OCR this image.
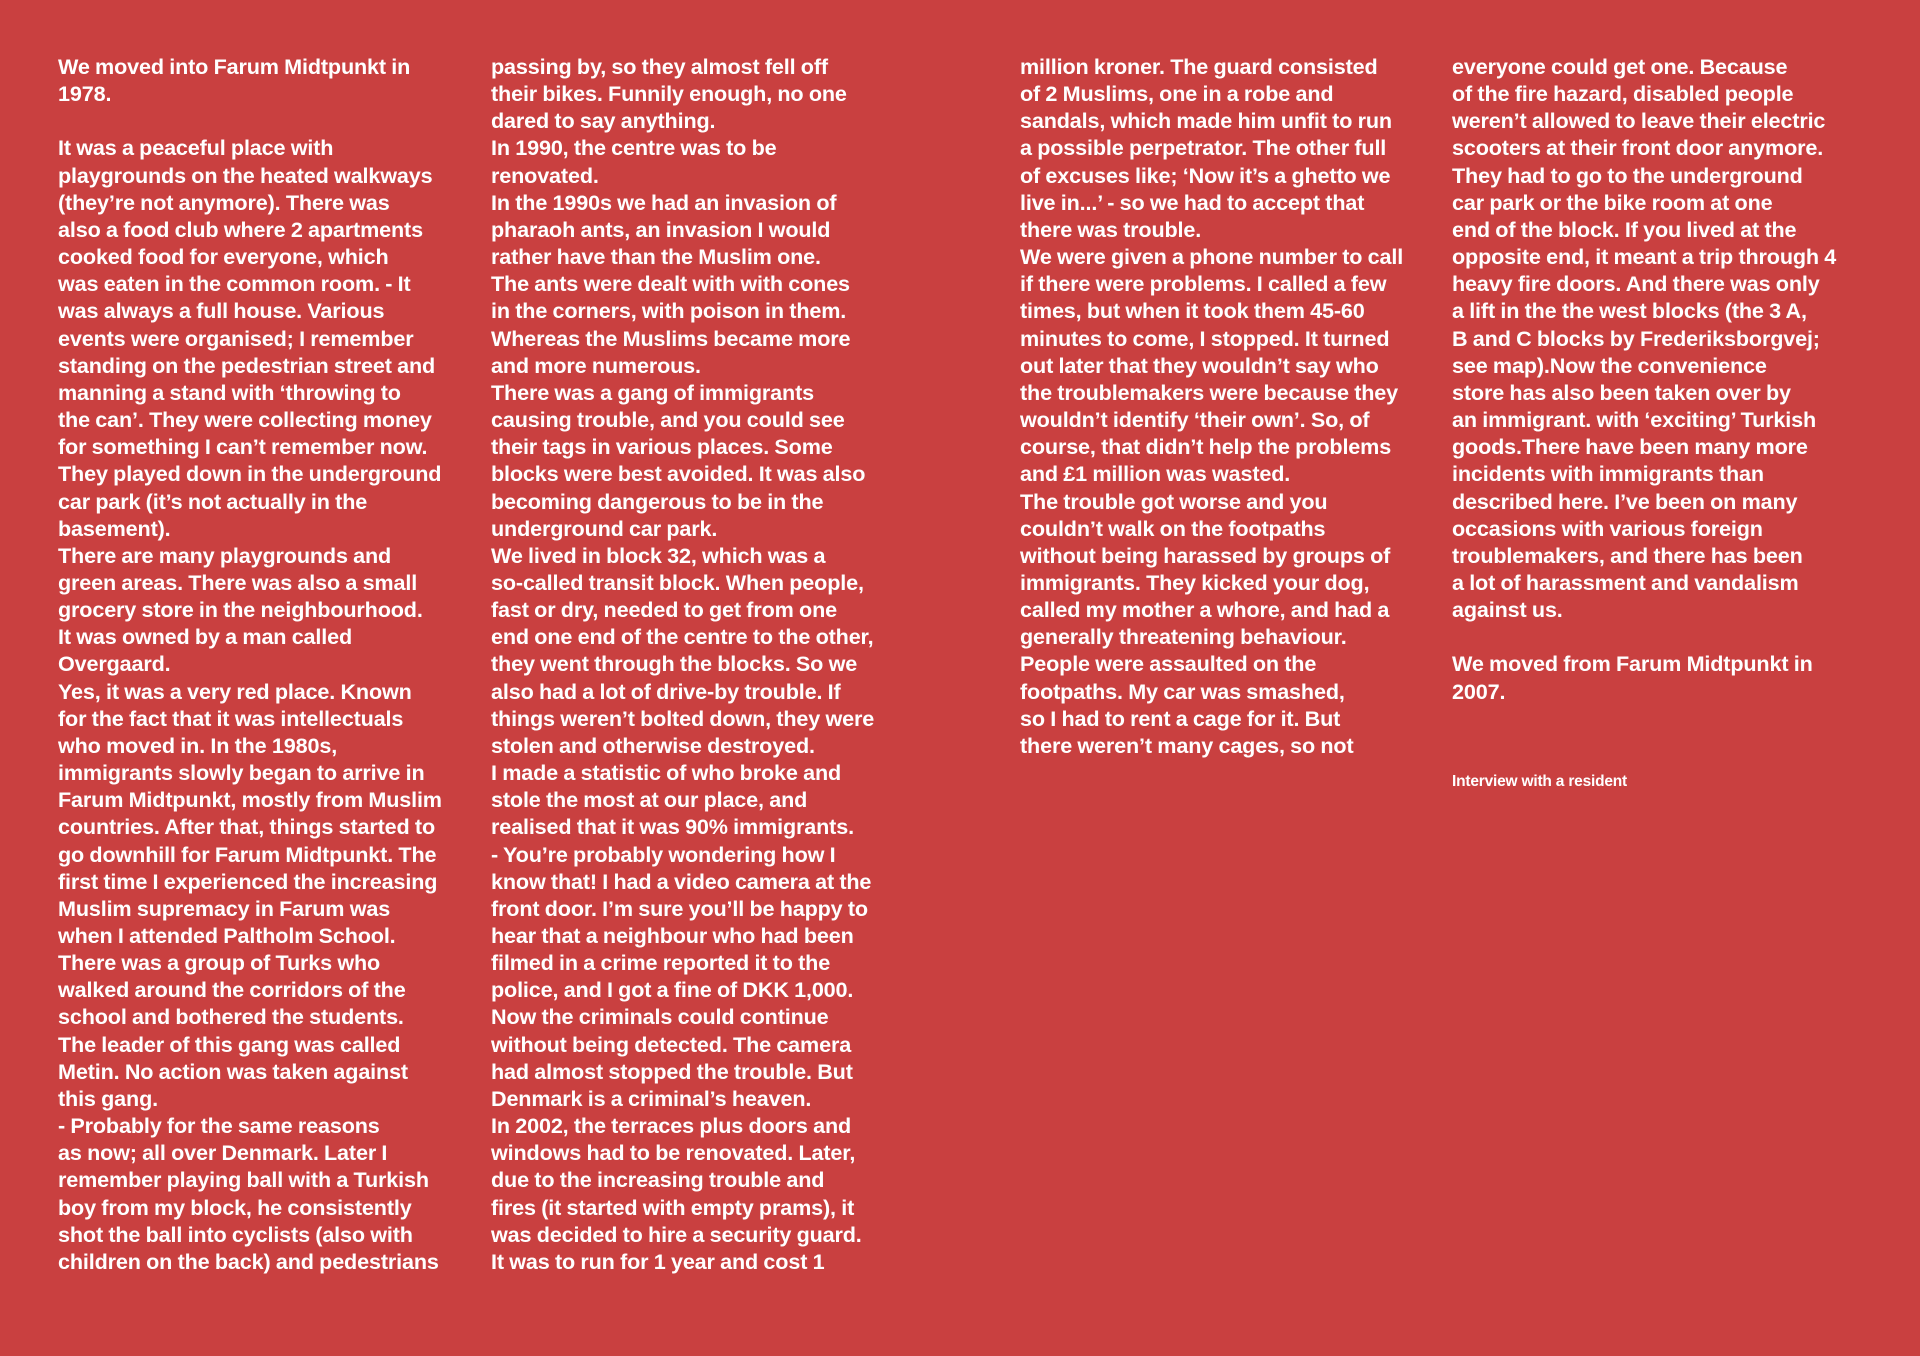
We moved into Farum Midtpunkt in
1978.

It was a peaceful place with
playgrounds on the heated walkways
(they’re not anymore). There was
also a food club where 2 apartments
cooked food for everyone, which
was eaten in the common room. - It
was always a full house. Various
events were organised; I remember
standing on the pedestrian street and
manning a stand with ‘throwing to
the can’. They were collecting money
for something I can’t remember now.
They played down in the underground
car park (it’s not actually in the
basement).
There are many playgrounds and
green areas. There was also a small
grocery store in the neighbourhood.
It was owned by a man called
Overgaard.
Yes, it was a very red place. Known
for the fact that it was intellectuals
who moved in. In the 1980s,
immigrants slowly began to arrive in
Farum Midtpunkt, mostly from Muslim
countries. After that, things started to
go downhill for Farum Midtpunkt. The
first time I experienced the increasing
Muslim supremacy in Farum was
when I attended Paltholm School.
There was a group of Turks who
walked around the corridors of the
school and bothered the students.
The leader of this gang was called
Metin. No action was taken against
this gang.
- Probably for the same reasons
as now; all over Denmark. Later I
remember playing ball with a Turkish
boy from my block, he consistently
shot the ball into cyclists (also with
children on the back) and pedestrians

passing by, so they almost fell off
their bikes. Funnily enough, no one
dared to say anything.
In 1990, the centre was to be
renovated.
In the 1990s we had an invasion of
pharaoh ants, an invasion I would
rather have than the Muslim one.
The ants were dealt with with cones
in the corners, with poison in them.
Whereas the Muslims became more
and more numerous.
There was a gang of immigrants
causing trouble, and you could see
their tags in various places. Some
blocks were best avoided. It was also
becoming dangerous to be in the
underground car park.
We lived in block 32, which was a
so-called transit block. When people,
fast or dry, needed to get from one
end one end of the centre to the other,
they went through the blocks. So we
also had a lot of drive-by trouble. If
things weren’t bolted down, they were
stolen and otherwise destroyed.
I made a statistic of who broke and
stole the most at our place, and
realised that it was 90% immigrants.
- You’re probably wondering how I
know that! I had a video camera at the
front door. I’m sure you’ll be happy to
hear that a neighbour who had been
filmed in a crime reported it to the
police, and I got a fine of DKK 1,000.
Now the criminals could continue
without being detected. The camera
had almost stopped the trouble. But
Denmark is a criminal’s heaven.
In 2002, the terraces plus doors and
windows had to be renovated. Later,
due to the increasing trouble and
fires (it started with empty prams), it
was decided to hire a security guard.
It was to run for 1 year and cost 1

million kroner. The guard consisted
of 2 Muslims, one in a robe and
sandals, which made him unfit to run
a possible perpetrator. The other full
of excuses like; ‘Now it’s a ghetto we
live in...’ - so we had to accept that
there was trouble.
We were given a phone number to call
if there were problems. I called a few
times, but when it took them 45-60
minutes to come, I stopped. It turned
out later that they wouldn’t say who
the troublemakers were because they
wouldn’t identify ‘their own’. So, of
course, that didn’t help the problems
and £1 million was wasted.
The trouble got worse and you
couldn’t walk on the footpaths
without being harassed by groups of
immigrants. They kicked your dog,
called my mother a whore, and had a
generally threatening behaviour.
People were assaulted on the
footpaths. My car was smashed,
so I had to rent a cage for it. But
there weren’t many cages, so not

everyone could get one. Because
of the fire hazard, disabled people
weren’t allowed to leave their electric
scooters at their front door anymore.
They had to go to the underground
car park or the bike room at one
end of the block. If you lived at the
opposite end, it meant a trip through 4
heavy fire doors. And there was only
a lift in the the west blocks (the 3 A,
B and C blocks by Frederiksborgvej;
see map).Now the convenience
store has also been taken over by
an immigrant. with ‘exciting’ Turkish
goods.There have been many more
incidents with immigrants than
described here. I’ve been on many
occasions with various foreign
troublemakers, and there has been
a lot of harassment and vandalism
against us.

We moved from Farum Midtpunkt in
2007.

Interview with a resident
